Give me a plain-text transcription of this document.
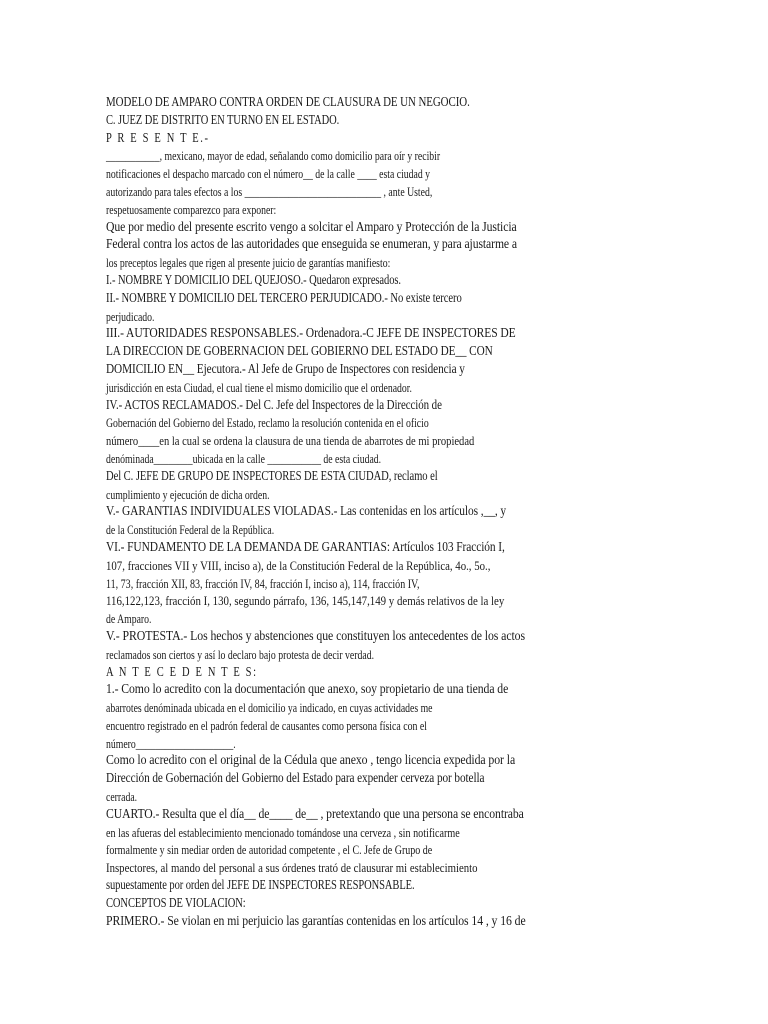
MODELO DE AMPARO CONTRA ORDEN DE CLAUSURA DE UN NEGOCIO.
C. JUEZ DE DISTRITO EN TURNO EN EL ESTADO.
P R E S E N T E.-
___________, mexicano, mayor de edad, señalando como domicilio para oír y recibir
notificaciones el despacho marcado con el número__ de la calle ____ esta ciudad y
autorizando para tales efectos a los ____________________________ , ante Usted,
respetuosamente comparezco para exponer:
Que por medio del presente escrito vengo a solcitar el Amparo y Protección de la Justicia
Federal contra los actos de las autoridades que enseguida se enumeran, y para ajustarme a
los preceptos legales que rigen al presente juicio de garantías manifiesto:
I.- NOMBRE Y DOMICILIO DEL QUEJOSO.- Quedaron expresados.
II.- NOMBRE Y DOMICILIO DEL TERCERO PERJUDICADO.- No existe tercero
perjudicado.
III.- AUTORIDADES RESPONSABLES.- Ordenadora.-C JEFE DE INSPECTORES DE
LA DIRECCION DE GOBERNACION DEL GOBIERNO DEL ESTADO DE__ CON
DOMICILIO EN__ Ejecutora.- Al Jefe de Grupo de Inspectores con residencia y
jurisdicción en esta Ciudad, el cual tiene el mismo domicilio que el ordenador.
IV.- ACTOS RECLAMADOS.- Del C. Jefe del Inspectores de la Dirección de
Gobernación del Gobierno del Estado, reclamo la resolución contenida en el oficio
número____en la cual se ordena la clausura de una tienda de abarrotes de mi propiedad
denóminada________ubicada en la calle ___________ de esta ciudad.
Del C. JEFE DE GRUPO DE INSPECTORES DE ESTA CIUDAD, reclamo el
cumplimiento y ejecución de dicha orden.
V.- GARANTIAS INDIVIDUALES VIOLADAS.- Las contenidas en los artículos ,__, y
de la Constitución Federal de la República.
VI.- FUNDAMENTO DE LA DEMANDA DE GARANTIAS: Artículos 103 Fracción I,
107, fracciones VII y VIII, inciso a), de la Constitución Federal de la República, 4o., 5o.,
11, 73, fracción XII, 83, fracción IV, 84, fracción I, inciso a), 114, fracción IV,
116,122,123, fracción I, 130, segundo párrafo, 136, 145,147,149 y demás relativos de la ley
de Amparo.
V.- PROTESTA.- Los hechos y abstenciones que constituyen los antecedentes de los actos
reclamados son ciertos y así lo declaro bajo protesta de decir verdad.
A N T E C E D E N T E S:
1.- Como lo acredito con la documentación que anexo, soy propietario de una tienda de
abarrotes denóminada ubicada en el domicilio ya indicado, en cuyas actividades me
encuentro registrado en el padrón federal de causantes como persona física con el
número____________________.
Como lo acredito con el original de la Cédula que anexo , tengo licencia expedida por la
Dirección de Gobernación del Gobierno del Estado para expender cerveza por botella
cerrada.
CUARTO.- Resulta que el día__ de____ de__ , pretextando que una persona se encontraba
en las afueras del establecimiento mencionado tomándose una cerveza , sin notificarme
formalmente y sin mediar orden de autoridad competente , el C. Jefe de Grupo de
Inspectores, al mando del personal a sus órdenes trató de clausurar mi establecimiento
supuestamente por orden del JEFE DE INSPECTORES RESPONSABLE.
CONCEPTOS DE VIOLACION:
PRIMERO.- Se violan en mi perjuicio las garantías contenidas en los artículos 14 , y 16 de
